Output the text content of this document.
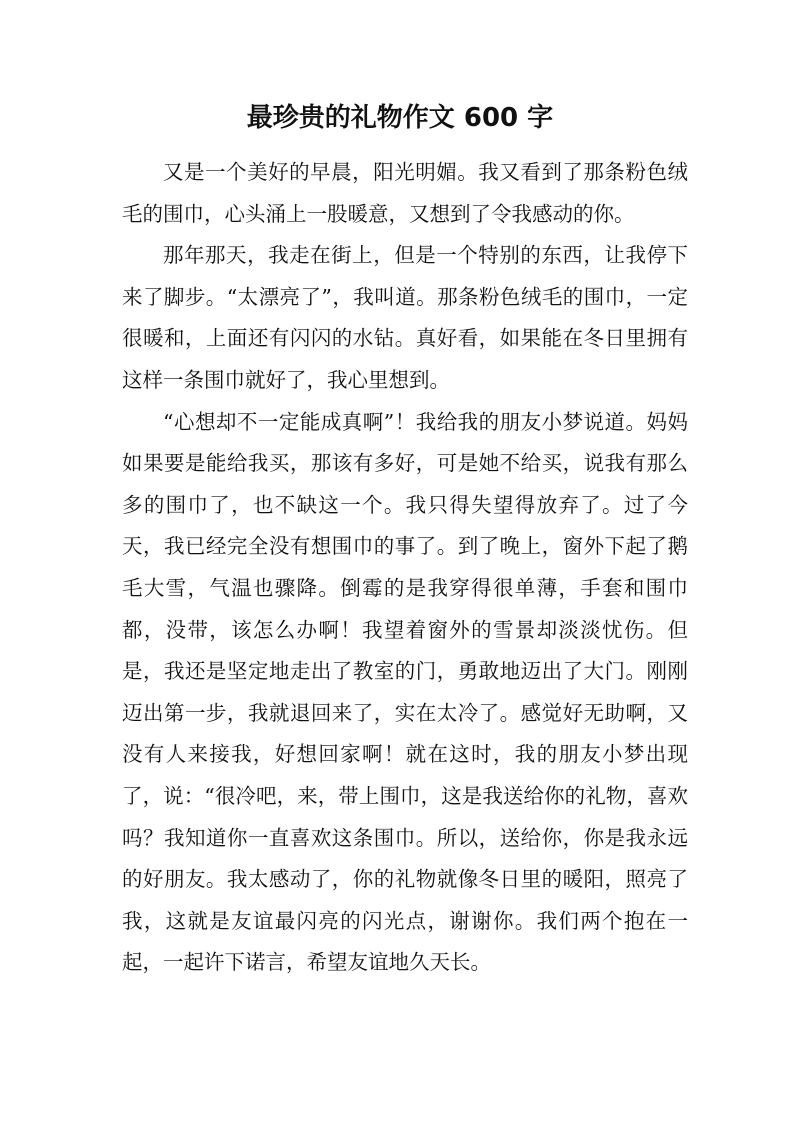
最珍贵的礼物作文 600 字

又是一个美好的早晨，阳光明媚。我又看到了那条粉色绒毛的围巾，心头涌上一股暖意，又想到了令我感动的你。

那年那天，我走在街上，但是一个特别的东西，让我停下来了脚步。“太漂亮了”，我叫道。那条粉色绒毛的围巾，一定很暖和，上面还有闪闪的水钻。真好看，如果能在冬日里拥有这样一条围巾就好了，我心里想到。

“心想却不一定能成真啊”！我给我的朋友小梦说道。妈妈如果要是能给我买，那该有多好，可是她不给买，说我有那么多的围巾了，也不缺这一个。我只得失望得放弃了。过了今天，我已经完全没有想围巾的事了。到了晚上，窗外下起了鹅毛大雪，气温也骤降。倒霉的是我穿得很单薄，手套和围巾都，没带，该怎么办啊！我望着窗外的雪景却淡淡忧伤。但是，我还是坚定地走出了教室的门，勇敢地迈出了大门。刚刚迈出第一步，我就退回来了，实在太冷了。感觉好无助啊，又没有人来接我，好想回家啊！就在这时，我的朋友小梦出现了，说：“很冷吧，来，带上围巾，这是我送给你的礼物，喜欢吗？我知道你一直喜欢这条围巾。所以，送给你，你是我永远的好朋友。我太感动了，你的礼物就像冬日里的暖阳，照亮了我，这就是友谊最闪亮的闪光点，谢谢你。我们两个抱在一起，一起许下诺言，希望友谊地久天长。
